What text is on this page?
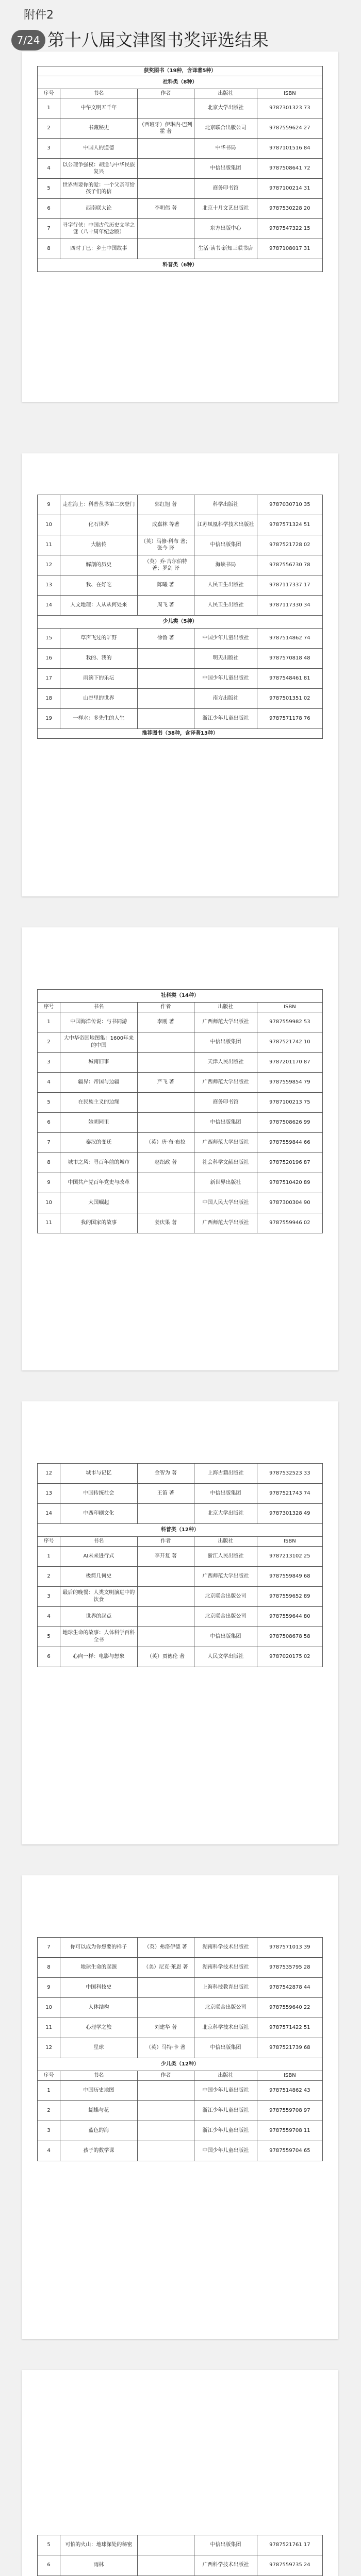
附件2
7/24 第十八届文津图书奖评选结果
获奖图书（19种，含译著5种）				
社科类（8种）				
序号	书名	作者	出版社	ISBN
1	中华文明五千年		北京大学出版社	9787301323 73
2	书藏秘史	（西班牙）伊琳内·巴列霍 著	北京联合出版公司	9787559624 27
3	中国人的道德		中华书局	9787101516 84
4	以公理争强权：胡适与中华民族复兴		中信出版集团	9787508641 72
5	世界需要你的爱：一个父亲写给孩子们的信		商务印书馆	9787100214 31
6	西南联大论	李明伟 著	北京十月文艺出版社	9787530228 20
7	寻字行侠：中国古代历史文学之谜（八十周年纪念版）		东方出版中心	9787547322 15
8	四时丁巳：乡土中国故事		生活·读书·新知三联书店	9787108017 31
科普类（6种）				
9	走在海上：科普丛书第二次登门	郭红旭 著	科学出版社	9787030710 35
10	化石世界	成嘉林 等著	江苏凤凰科学技术出版社	9787571324 51
11	大脑传	（英）马修·科布 著；张今 译	中信出版集团	9787521728 02
12	解剖的历史	（英）乔·吉尔伯特 著；罗剑 译	海峡书局	9787556730 78
13	我、在好吃	陈曦 著	人民卫生出版社	9787117337 17
14	人文地理：人从从何处来	周飞 著	人民卫生出版社	9787117330 34
少儿类（5种）				
15	草声飞过的旷野	徐鲁 著	中国少年儿童出版社	9787514862 74
16	我的、我的		明天出版社	9787570818 48
17	雨滴下的乐坛		中国少年儿童出版社	9787548461 81
18	山谷里的世界		南方出版社	9787501351 02
19	一样水：多先生的人生		浙江少年儿童出版社	9787571178 76
推荐图书（38种，含译著13种）				
社科类（14种）				
序号	书名	作者	出版社	ISBN
1	中国海洋传说：与书同游	李刚 著	广西师范大学出版社	9787559982 53
2	大中华帝国地图集：1600年来的中国		中信出版集团	9787521742 10
3	城南旧事		天津人民出版社	9787201170 87
4	疆界：帝国与边疆	严飞 著	广西师范大学出版社	9787559854 79
5	在民族主义的边缘		商务印书馆	9787100213 75
6	她胡同里		中信出版集团	9787508626 99
7	秦汉的变迁	（英）唐·布·布拉	广西师范大学出版社	9787559844 66
8	城市之风：寻百年前的城市	赵绍政 著	社会科学文献出版社	9787520196 87
9	中国共产党百年党史与改革		新世界出版社	9787510420 89
10	大国崛起		中国人民大学出版社	9787300304 90
11	我的国家的故事	姜庆果 著	广西师范大学出版社	9787559946 02
12	城市与记忆	金智为 著	上海古籍出版社	9787532523 33
13	中国传统社会	王笛 著	中信出版集团	9787521743 74
14	中西印刷文化		北京大学出版社	9787301328 49
科普类（12种）				
序号	书名	作者	出版社	ISBN
1	AI未来进行式	李开复 著	浙江人民出版社	9787213102 25
2	极简几何史		广西师范大学出版社	9787559849 68
3	最后的晚餐：人类文明演进中的饮食		北京联合出版公司	9787559652 89
4	世界的起点		北京联合出版公司	9787559644 80
5	地球生命的故事：人体科学百科全书		中信出版集团	9787508678 58
6	心向一样：电影与想象	（英）贾德伦 著	人民文学出版社	9787020175 02
7	你可以成为你想要的样子	（英）弗洛伊德 著	湖南科学技术出版社	9787571013 39
8	地球生命的起源	（美）尼克·莱恩 著	湖南科学技术出版社	9787535795 28
9	中国科技史		上海科技教育出版社	9787542878 44
10	人体结构		北京联合出版公司	9787559640 22
11	心理学之旅	刘建华 著	北京科学技术出版社	9787571422 51
12	星球	（英）马特·卡 著	中信出版集团	9787521739 68
少儿类（12种）				
序号	书名	作者	出版社	ISBN
1	中国历史地图		中国少年儿童出版社	9787514862 43
2	蝴蝶与花		浙江少年儿童出版社	9787559708 97
3	蓝色的海		浙江少年儿童出版社	9787559708 11
4	孩子的数学课		中国少年儿童出版社	9787559704 65
5	可怕的火山：地球深处的秘密		中信出版集团	9787521761 17
6	雨林		广西科学技术出版社	9787559735 24
